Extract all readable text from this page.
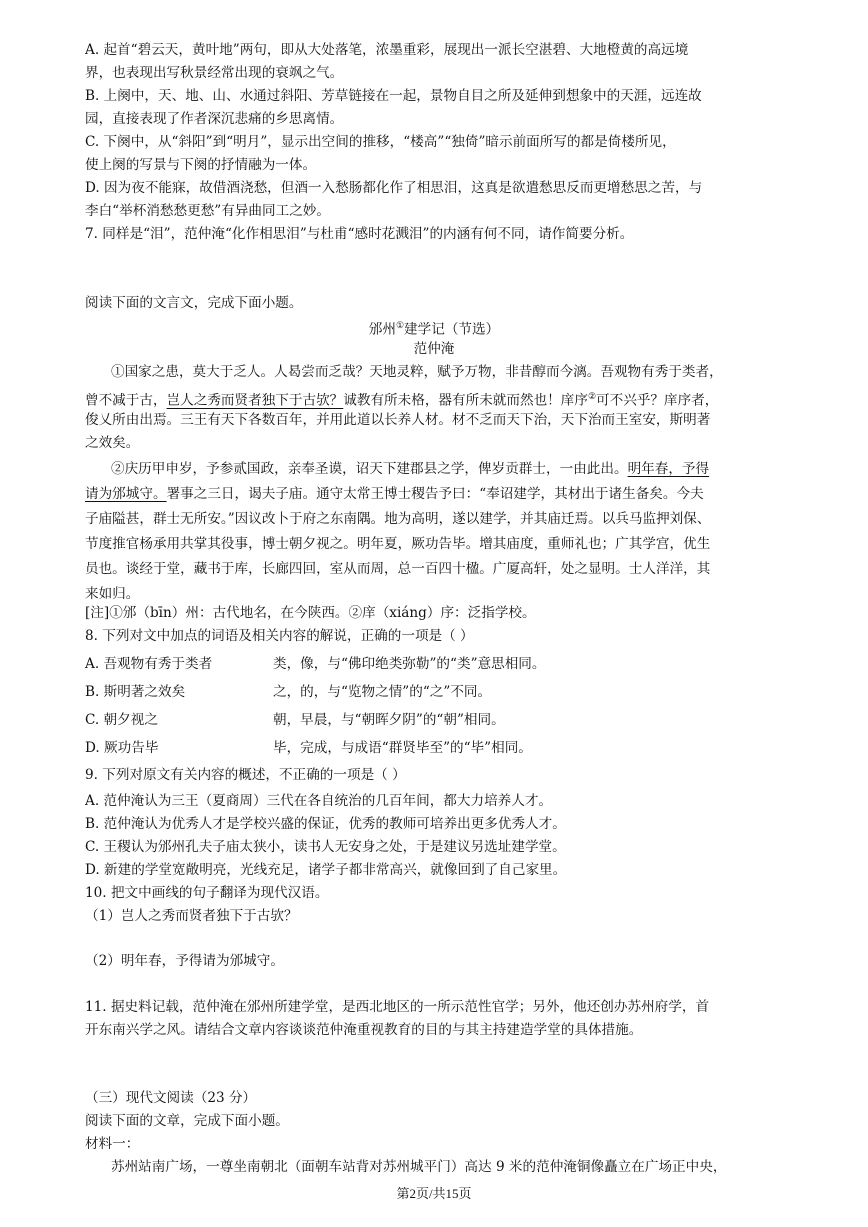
A. 起首“碧云天，黄叶地”两句，即从大处落笔，浓墨重彩，展现出一派长空湛碧、大地橙黄的高远境
界，也表现出写秋景经常出现的衰飒之气。
B. 上阕中，天、地、山、水通过斜阳、芳草链接在一起，景物自目之所及延伸到想象中的天涯，远连故
园，直接表现了作者深沉悲痛的乡思离情。
C. 下阕中，从“斜阳”到“明月”，显示出空间的推移，“楼高”“独倚”暗示前面所写的都是倚楼所见，
使上阕的写景与下阕的抒情融为一体。
D. 因为夜不能寐，故借酒浇愁，但酒一入愁肠都化作了相思泪，这真是欲遣愁思反而更增愁思之苦，与
李白“举杯消愁愁更愁”有异曲同工之妙。
7. 同样是“泪”，范仲淹“化作相思泪”与杜甫“感时花溅泪”的内涵有何不同，请作简要分析。
阅读下面的文言文，完成下面小题。
邠州①建学记（节选）
范仲淹
①国家之患，莫大于乏人。人曷尝而乏哉？天地灵粹，赋予万物，非昔醇而今漓。吾观物有秀于类者，
曾不减于古，岂人之秀而贤者独下于古欤？诚教有所未格，器有所未就而然也！庠序②可不兴乎？庠序者，
俊乂所由出焉。三王有天下各数百年，并用此道以长养人材。材不乏而天下治，天下治而王室安，斯明著
之效矣。
②庆历甲申岁，予参贰国政，亲奉圣谟，诏天下建郡县之学，俾岁贡群士，一由此出。明年春，予得
请为邠城守。署事之三日，谒夫子庙。通守太常王博士稷告予曰：“奉诏建学，其材出于诸生备矣。今夫
子庙隘甚，群士无所安。”因议改卜于府之东南隅。地为高明，遂以建学，并其庙迁焉。以兵马监押刘保、
节度推官杨承用共掌其役事，博士朝夕视之。明年夏，厥功告毕。增其庙度，重师礼也；广其学宫，优生
员也。谈经于堂，藏书于库，长廊四回，室从而周，总一百四十楹。广厦高轩，处之显明。士人洋洋，其
来如归。
[注]①邠（bīn）州：古代地名，在今陕西。②庠（xiáng）序：泛指学校。
8. 下列对文中加点的词语及相关内容的解说，正确的一项是（ ）
A. 吾观物有秀于类者	类，像，与“佛印绝类弥勒”的“类”意思相同。
B. 斯明著之效矣	之，的，与“览物之情”的“之”不同。
C. 朝夕视之	朝，早晨，与“朝晖夕阴”的“朝”相同。
D. 厥功告毕	毕，完成，与成语“群贤毕至”的“毕”相同。
9. 下列对原文有关内容的概述，不正确的一项是（ ）
A. 范仲淹认为三王（夏商周）三代在各自统治的几百年间，都大力培养人才。
B. 范仲淹认为优秀人才是学校兴盛的保证，优秀的教师可培养出更多优秀人才。
C. 王稷认为邠州孔夫子庙太狭小，读书人无安身之处，于是建议另选址建学堂。
D. 新建的学堂宽敞明亮，光线充足，诸学子都非常高兴，就像回到了自己家里。
10. 把文中画线的句子翻译为现代汉语。
（1）岂人之秀而贤者独下于古欤？
（2）明年春，予得请为邠城守。
11. 据史料记载，范仲淹在邠州所建学堂，是西北地区的一所示范性官学；另外，他还创办苏州府学，首
开东南兴学之风。请结合文章内容谈谈范仲淹重视教育的目的与其主持建造学堂的具体措施。
（三）现代文阅读（23 分）
阅读下面的文章，完成下面小题。
材料一：
苏州站南广场，一尊坐南朝北（面朝车站背对苏州城平门）高达 9 米的范仲淹铜像矗立在广场正中央，
第2页/共15页
